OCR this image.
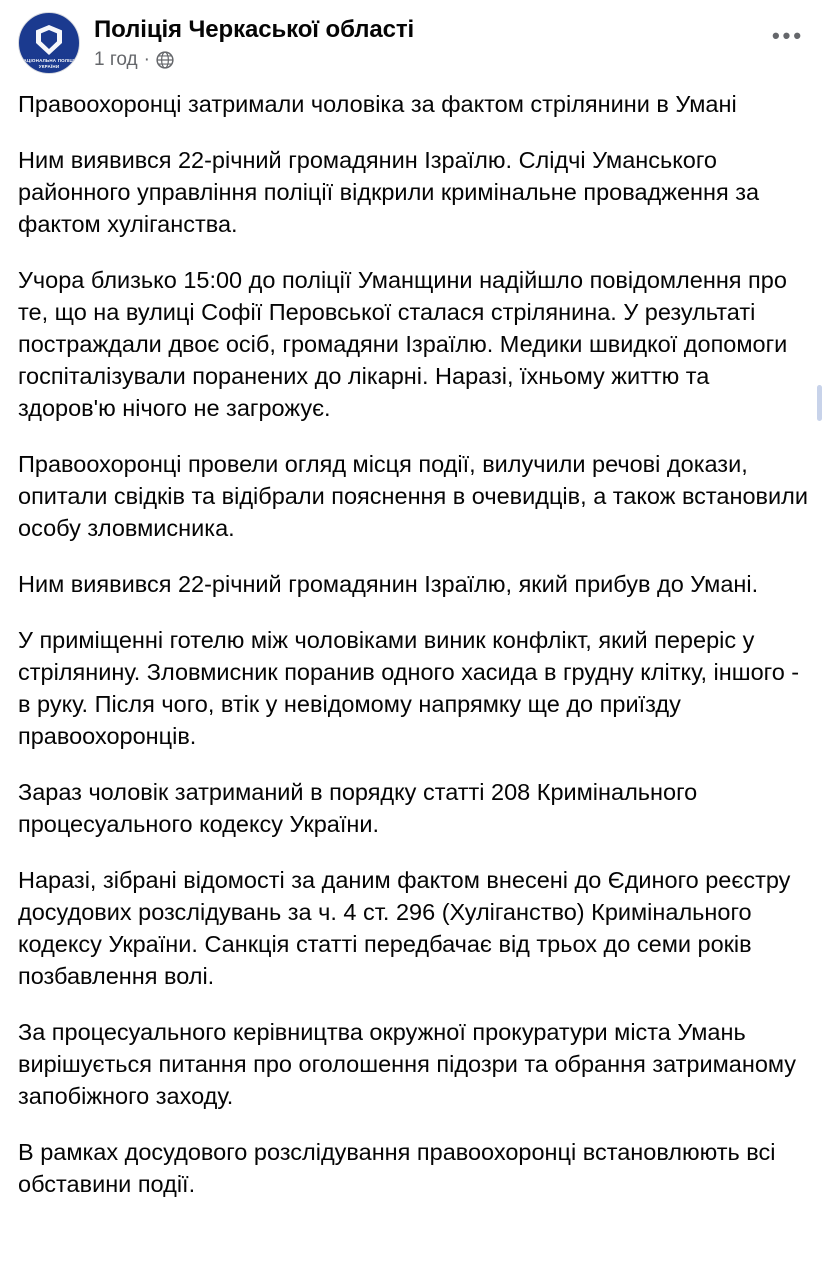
НАЦІОНАЛЬНА ПОЛІЦІЯ УКРАЇНИ
Поліція Черкаської області
1 год ·
•••

Правоохоронці затримали чоловіка за фактом стрілянини в Умані

Ним виявився 22-річний громадянин Ізраїлю. Слідчі Уманського районного управління поліції відкрили кримінальне провадження за фактом хуліганства.

Учора близько 15:00 до поліції Уманщини надійшло повідомлення про те, що на вулиці Софії Перовської сталася стрілянина. У результаті постраждали двоє осіб, громадяни Ізраїлю. Медики швидкої допомоги госпіталізували поранених до лікарні. Наразі, їхньому життю та здоров'ю нічого не загрожує.

Правоохоронці провели огляд місця події, вилучили речові докази, опитали свідків та відібрали пояснення в очевидців, а також встановили особу зловмисника.

Ним виявився 22-річний громадянин Ізраїлю, який прибув до Умані.

У приміщенні готелю між чоловіками виник конфлікт, який переріс у стрілянину. Зловмисник поранив одного хасида в грудну клітку, іншого - в руку. Після чого, втік у невідомому напрямку ще до приїзду правоохоронців.

Зараз чоловік затриманий в порядку статті 208 Кримінального процесуального кодексу України.

Наразі, зібрані відомості за даним фактом внесені до Єдиного реєстру досудових розслідувань за ч. 4 ст. 296 (Хуліганство) Кримінального кодексу України. Санкція статті передбачає від трьох до семи років позбавлення волі.

За процесуального керівництва окружної прокуратури міста Умань вирішується питання про оголошення підозри та обрання затриманому запобіжного заходу.

В рамках досудового розслідування правоохоронці встановлюють всі обставини події.
